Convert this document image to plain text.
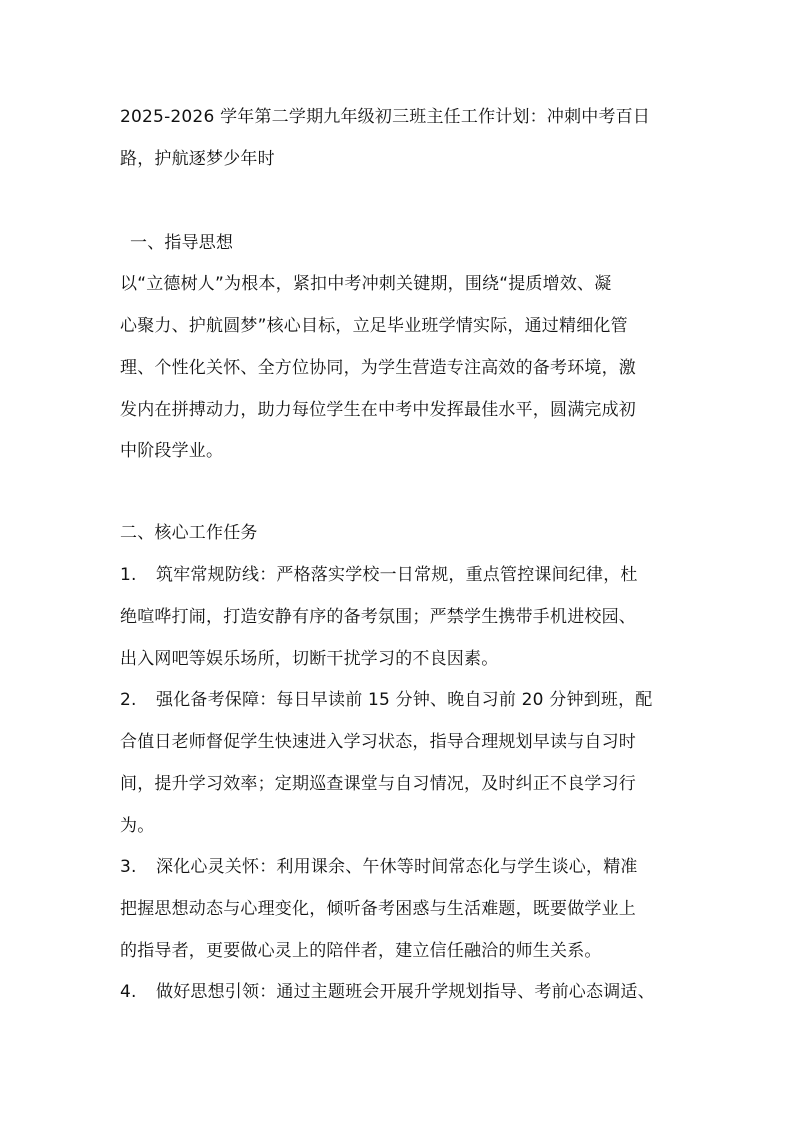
2025-2026 学年第二学期九年级初三班主任工作计划：冲刺中考百日
路，护航逐梦少年时
一、指导思想
以“立德树人”为根本，紧扣中考冲刺关键期，围绕“提质增效、凝
心聚力、护航圆梦”核心目标，立足毕业班学情实际，通过精细化管
理、个性化关怀、全方位协同，为学生营造专注高效的备考环境，激
发内在拼搏动力，助力每位学生在中考中发挥最佳水平，圆满完成初
中阶段学业。
二、核心工作任务
1. 筑牢常规防线：严格落实学校一日常规，重点管控课间纪律，杜
绝喧哗打闹，打造安静有序的备考氛围；严禁学生携带手机进校园、
出入网吧等娱乐场所，切断干扰学习的不良因素。
2. 强化备考保障：每日早读前 15 分钟、晚自习前 20 分钟到班，配
合值日老师督促学生快速进入学习状态，指导合理规划早读与自习时
间，提升学习效率；定期巡查课堂与自习情况，及时纠正不良学习行
为。
3. 深化心灵关怀：利用课余、午休等时间常态化与学生谈心，精准
把握思想动态与心理变化，倾听备考困惑与生活难题，既要做学业上
的指导者，更要做心灵上的陪伴者，建立信任融洽的师生关系。
4. 做好思想引领：通过主题班会开展升学规划指导、考前心态调适、
